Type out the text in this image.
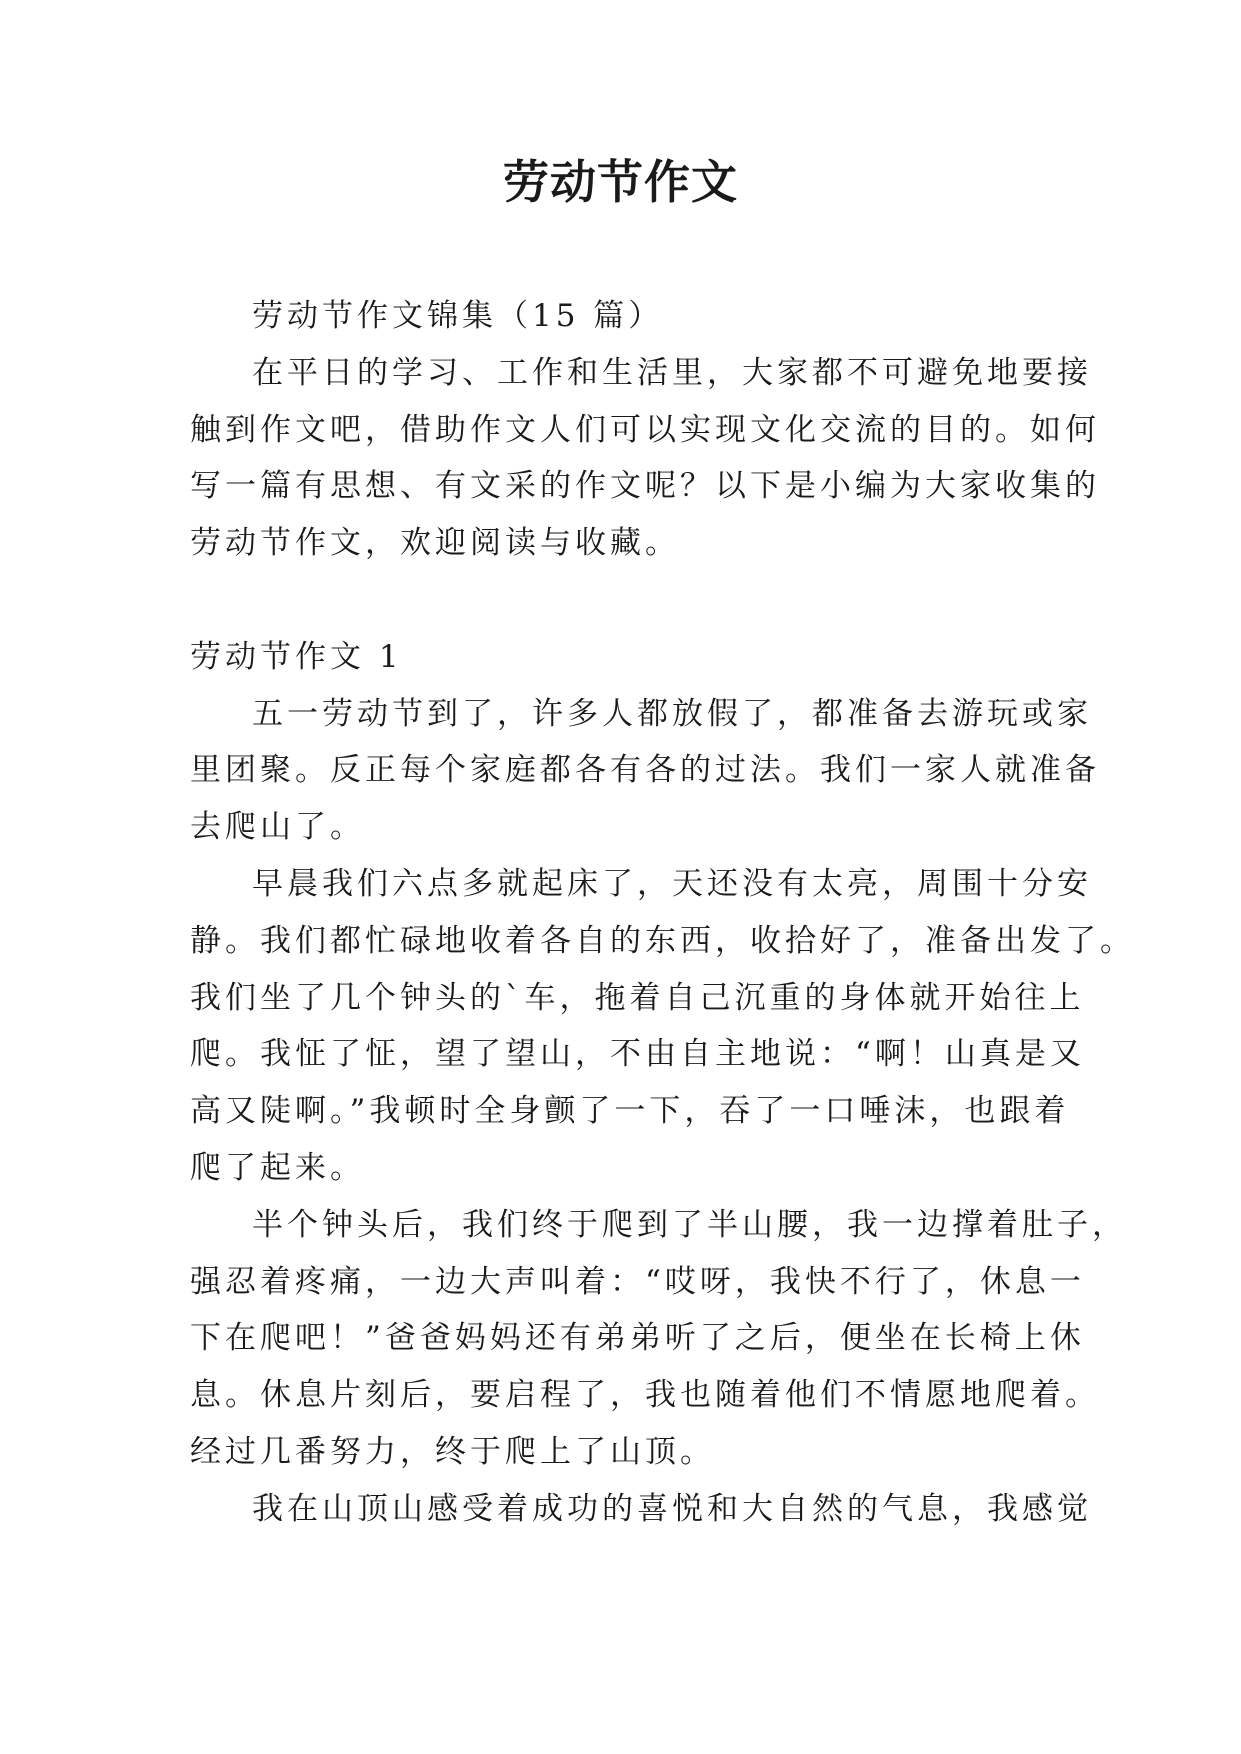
劳动节作文

劳动节作文锦集（15 篇）

在平日的学习、工作和生活里，大家都不可避免地要接
触到作文吧，借助作文人们可以实现文化交流的目的。如何
写一篇有思想、有文采的作文呢？以下是小编为大家收集的
劳动节作文，欢迎阅读与收藏。

劳动节作文 1

五一劳动节到了，许多人都放假了，都准备去游玩或家
里团聚。反正每个家庭都各有各的过法。我们一家人就准备
去爬山了。

早晨我们六点多就起床了，天还没有太亮，周围十分安
静。我们都忙碌地收着各自的东西，收拾好了，准备出发了。
我们坐了几个钟头的`车，拖着自己沉重的身体就开始往上
爬。我怔了怔，望了望山，不由自主地说：“啊！山真是又
高又陡啊。”我顿时全身颤了一下，吞了一口唾沫，也跟着
爬了起来。

半个钟头后，我们终于爬到了半山腰，我一边撑着肚子，
强忍着疼痛，一边大声叫着：“哎呀，我快不行了，休息一
下在爬吧！”爸爸妈妈还有弟弟听了之后，便坐在长椅上休
息。休息片刻后，要启程了，我也随着他们不情愿地爬着。
经过几番努力，终于爬上了山顶。

我在山顶山感受着成功的喜悦和大自然的气息，我感觉
